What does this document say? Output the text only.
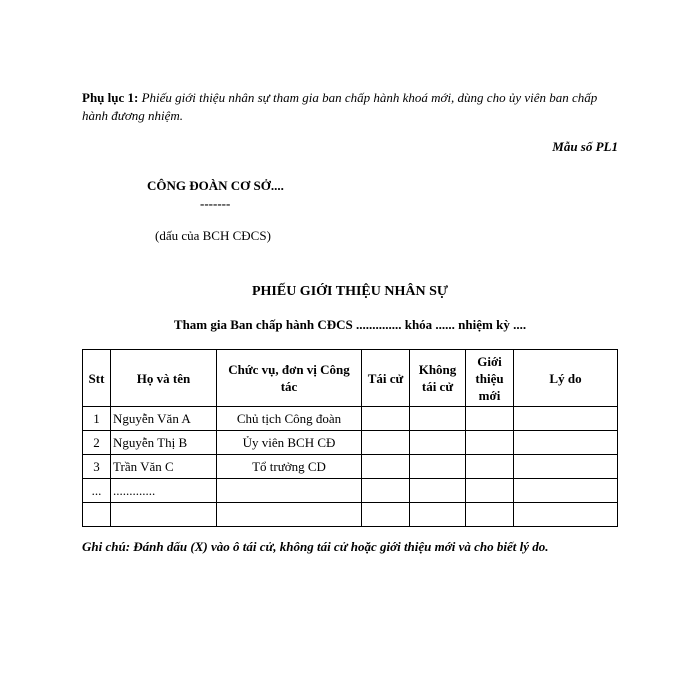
Phụ lục 1: Phiếu giới thiệu nhân sự tham gia ban chấp hành khoá mới, dùng cho ủy viên ban chấp hành đương nhiệm.
Mẫu số PL1
CÔNG ĐOÀN CƠ SỞ....
-------
(dấu của BCH CĐCS)
PHIẾU GIỚI THIỆU NHÂN SỰ
Tham gia Ban chấp hành CĐCS .............. khóa ...... nhiệm kỳ ....
Stt	Họ và tên	Chức vụ, đơn vị Công tác	Tái cử	Không tái cử	Giới thiệu mới	Lý do
1	Nguyễn Văn A	Chủ tịch Công đoàn				
2	Nguyễn Thị B	Ủy viên BCH CĐ				
3	Trần Văn C	Tổ trưởng CD				
...	.............					

Ghi chú: Đánh dấu (X) vào ô tái cử, không tái cử hoặc giới thiệu mới và cho biết lý do.
